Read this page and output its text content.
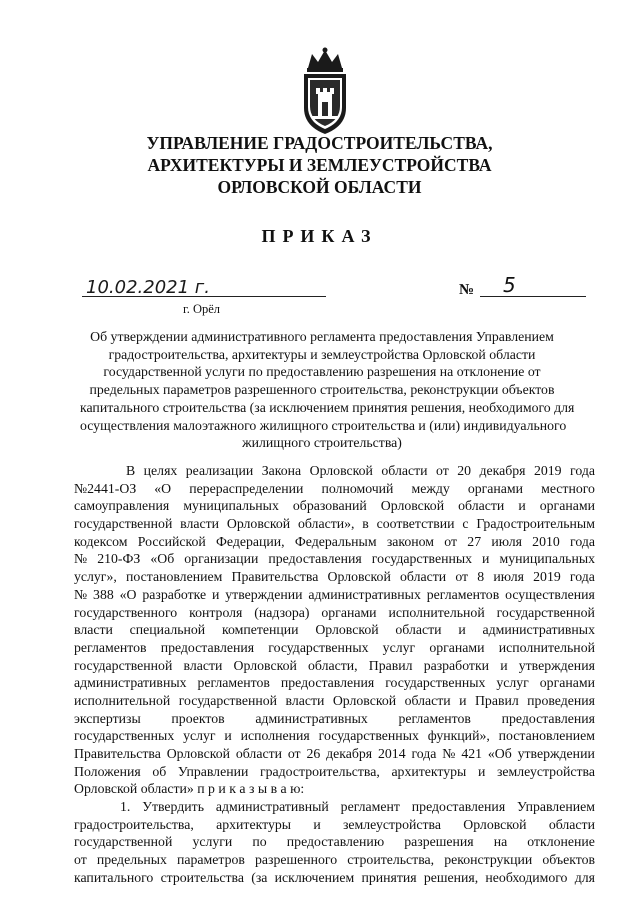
УПРАВЛЕНИЕ ГРАДОСТРОИТЕЛЬСТВА,
АРХИТЕКТУРЫ И ЗЕМЛЕУСТРОЙСТВА
ОРЛОВСКОЙ ОБЛАСТИ
ПРИКАЗ
10.02.2021 г.
г. Орёл
№ 5
Об утверждении административного регламента предоставления Управлением
градостроительства, архитектуры и землеустройства Орловской области
государственной услуги по предоставлению разрешения на отклонение от
предельных параметров разрешенного строительства, реконструкции объектов
капитального строительства (за исключением принятия решения, необходимого для
осуществления малоэтажного жилищного строительства и (или) индивидуального
жилищного строительства)
В целях реализации Закона Орловской области от 20 декабря 2019 года
№2441-ОЗ «О перераспределении полномочий между органами местного
самоуправления муниципальных образований Орловской области и органами
государственной власти Орловской области», в соответствии с Градостроительным
кодексом Российской Федерации, Федеральным законом от 27 июля 2010 года
№ 210-ФЗ «Об организации предоставления государственных и муниципальных
услуг», постановлением Правительства Орловской области от 8 июля 2019 года
№ 388 «О разработке и утверждении административных регламентов осуществления
государственного контроля (надзора) органами исполнительной государственной
власти специальной компетенции Орловской области и административных
регламентов предоставления государственных услуг органами исполнительной
государственной власти Орловской области, Правил разработки и утверждения
административных регламентов предоставления государственных услуг органами
исполнительной государственной власти Орловской области и Правил проведения
экспертизы проектов административных регламентов предоставления
государственных услуг и исполнения государственных функций», постановлением
Правительства Орловской области от 26 декабря 2014 года № 421 «Об утверждении
Положения об Управлении градостроительства, архитектуры и землеустройства
Орловской области» п р и к а з ы в а ю:
1. Утвердить административный регламент предоставления Управлением
градостроительства, архитектуры и землеустройства Орловской области
государственной услуги по предоставлению разрешения на отклонение
от предельных параметров разрешенного строительства, реконструкции объектов
капитального строительства (за исключением принятия решения, необходимого для
